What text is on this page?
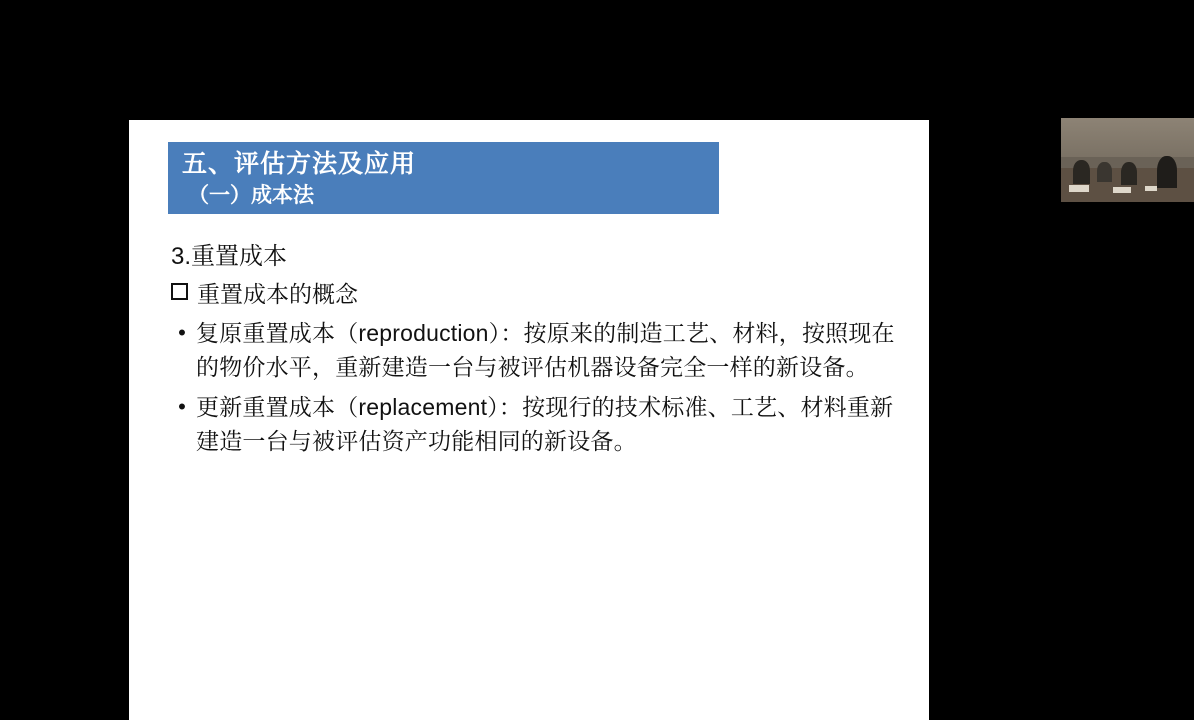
五、评估方法及应用
（一）成本法
3.重置成本
重置成本的概念
• 复原重置成本（reproduction）：按原来的制造工艺、材料，按照现在的物价水平，重新建造一台与被评估机器设备完全一样的新设备。
• 更新重置成本（replacement）：按现行的技术标准、工艺、材料重新建造一台与被评估资产功能相同的新设备。
